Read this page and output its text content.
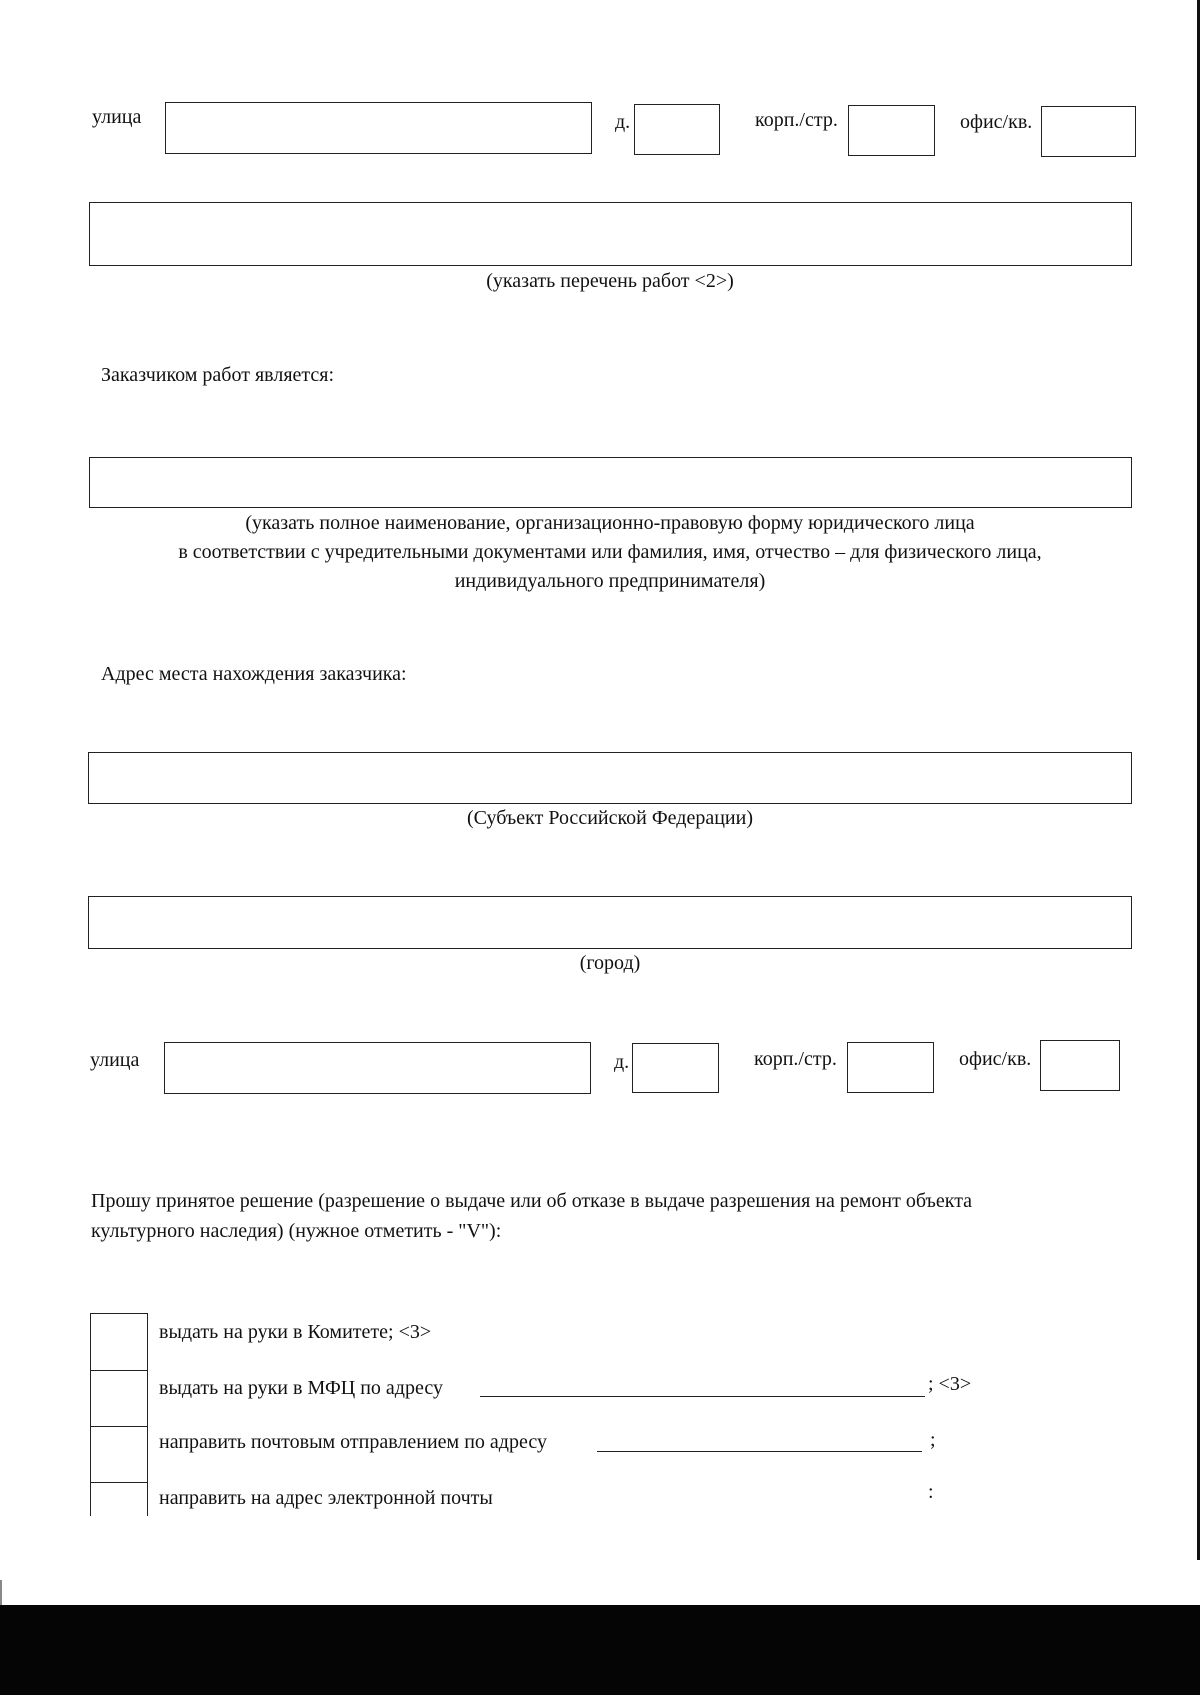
улица	д.	корп./стр.	офис/кв.
(указать перечень работ <2>)
Заказчиком работ является:
(указать полное наименование, организационно-правовую форму юридического лица
в соответствии с учредительными документами или фамилия, имя, отчество – для физического лица,
индивидуального предпринимателя)
Адрес места нахождения заказчика:
(Субъект Российской Федерации)
(город)
улица	д.	корп./стр.	офис/кв.
Прошу принятое решение (разрешение о выдаче или об отказе в выдаче разрешения на ремонт объекта
культурного наследия) (нужное отметить - "V"):
выдать на руки в Комитете; <3>
выдать на руки в МФЦ по адресу	; <3>
направить почтовым отправлением по адресу	;
направить на адрес электронной почты	:
